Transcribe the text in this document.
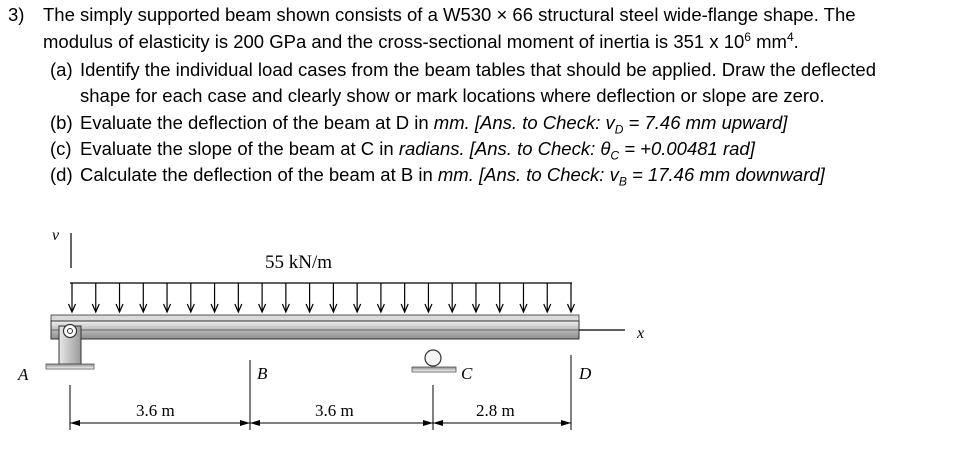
3) The simply supported beam shown consists of a W530 × 66 structural steel wide-flange shape. The
modulus of elasticity is 200 GPa and the cross-sectional moment of inertia is 351 x $10^6$ $mm^4$.
(a) Identify the individual load cases from the beam tables that should be applied. Draw the deflected
shape for each case and clearly show or mark locations where deflection or slope are zero.
(b) Evaluate the deflection of the beam at D in mm. [Ans. to Check: $v_D = 7.46$ mm upward]
(c) Evaluate the slope of the beam at C in radians. [Ans. to Check: $\theta_C = +0.00481$ rad]
(d) Calculate the deflection of the beam at B in mm. [Ans. to Check: $v_B = 17.46$ mm downward]
v
55 kN/m
x
A	C
B	D
3.6 m	3.6 m	2.8 m
